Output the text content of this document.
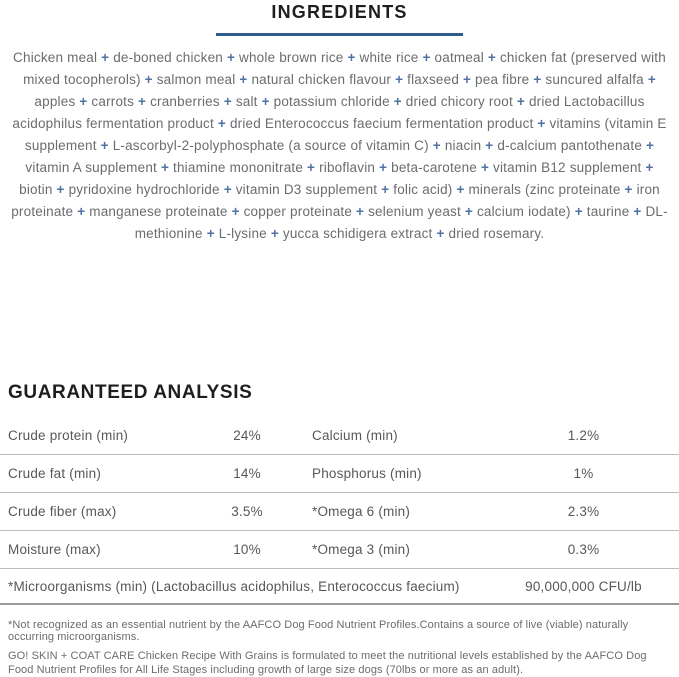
INGREDIENTS

Chicken meal + de-boned chicken + whole brown rice + white rice + oatmeal + chicken fat (preserved with mixed tocopherols) + salmon meal + natural chicken flavour + flaxseed + pea fibre + suncured alfalfa + apples + carrots + cranberries + salt + potassium chloride + dried chicory root + dried Lactobacillus acidophilus fermentation product + dried Enterococcus faecium fermentation product + vitamins (vitamin E supplement + L-ascorbyl-2-polyphosphate (a source of vitamin C) + niacin + d-calcium pantothenate + vitamin A supplement + thiamine mononitrate + riboflavin + beta-carotene + vitamin B12 supplement + biotin + pyridoxine hydrochloride + vitamin D3 supplement + folic acid) + minerals (zinc proteinate + iron proteinate + manganese proteinate + copper proteinate + selenium yeast + calcium iodate) + taurine + DL-methionine + L-lysine + yucca schidigera extract + dried rosemary.

GUARANTEED ANALYSIS
Crude protein (min)	24%	Calcium (min)	1.2%
Crude fat (min)	14%	Phosphorus (min)	1%
Crude fiber (max)	3.5%	*Omega 6 (min)	2.3%
Moisture (max)	10%	*Omega 3 (min)	0.3%
*Microorganisms (min) (Lactobacillus acidophilus, Enterococcus faecium)	90,000,000 CFU/lb

*Not recognized as an essential nutrient by the AAFCO Dog Food Nutrient Profiles.Contains a source of live (viable) naturally occurring microorganisms.

GO! SKIN + COAT CARE Chicken Recipe With Grains is formulated to meet the nutritional levels established by the AAFCO Dog Food Nutrient Profiles for All Life Stages including growth of large size dogs (70lbs or more as an adult).
